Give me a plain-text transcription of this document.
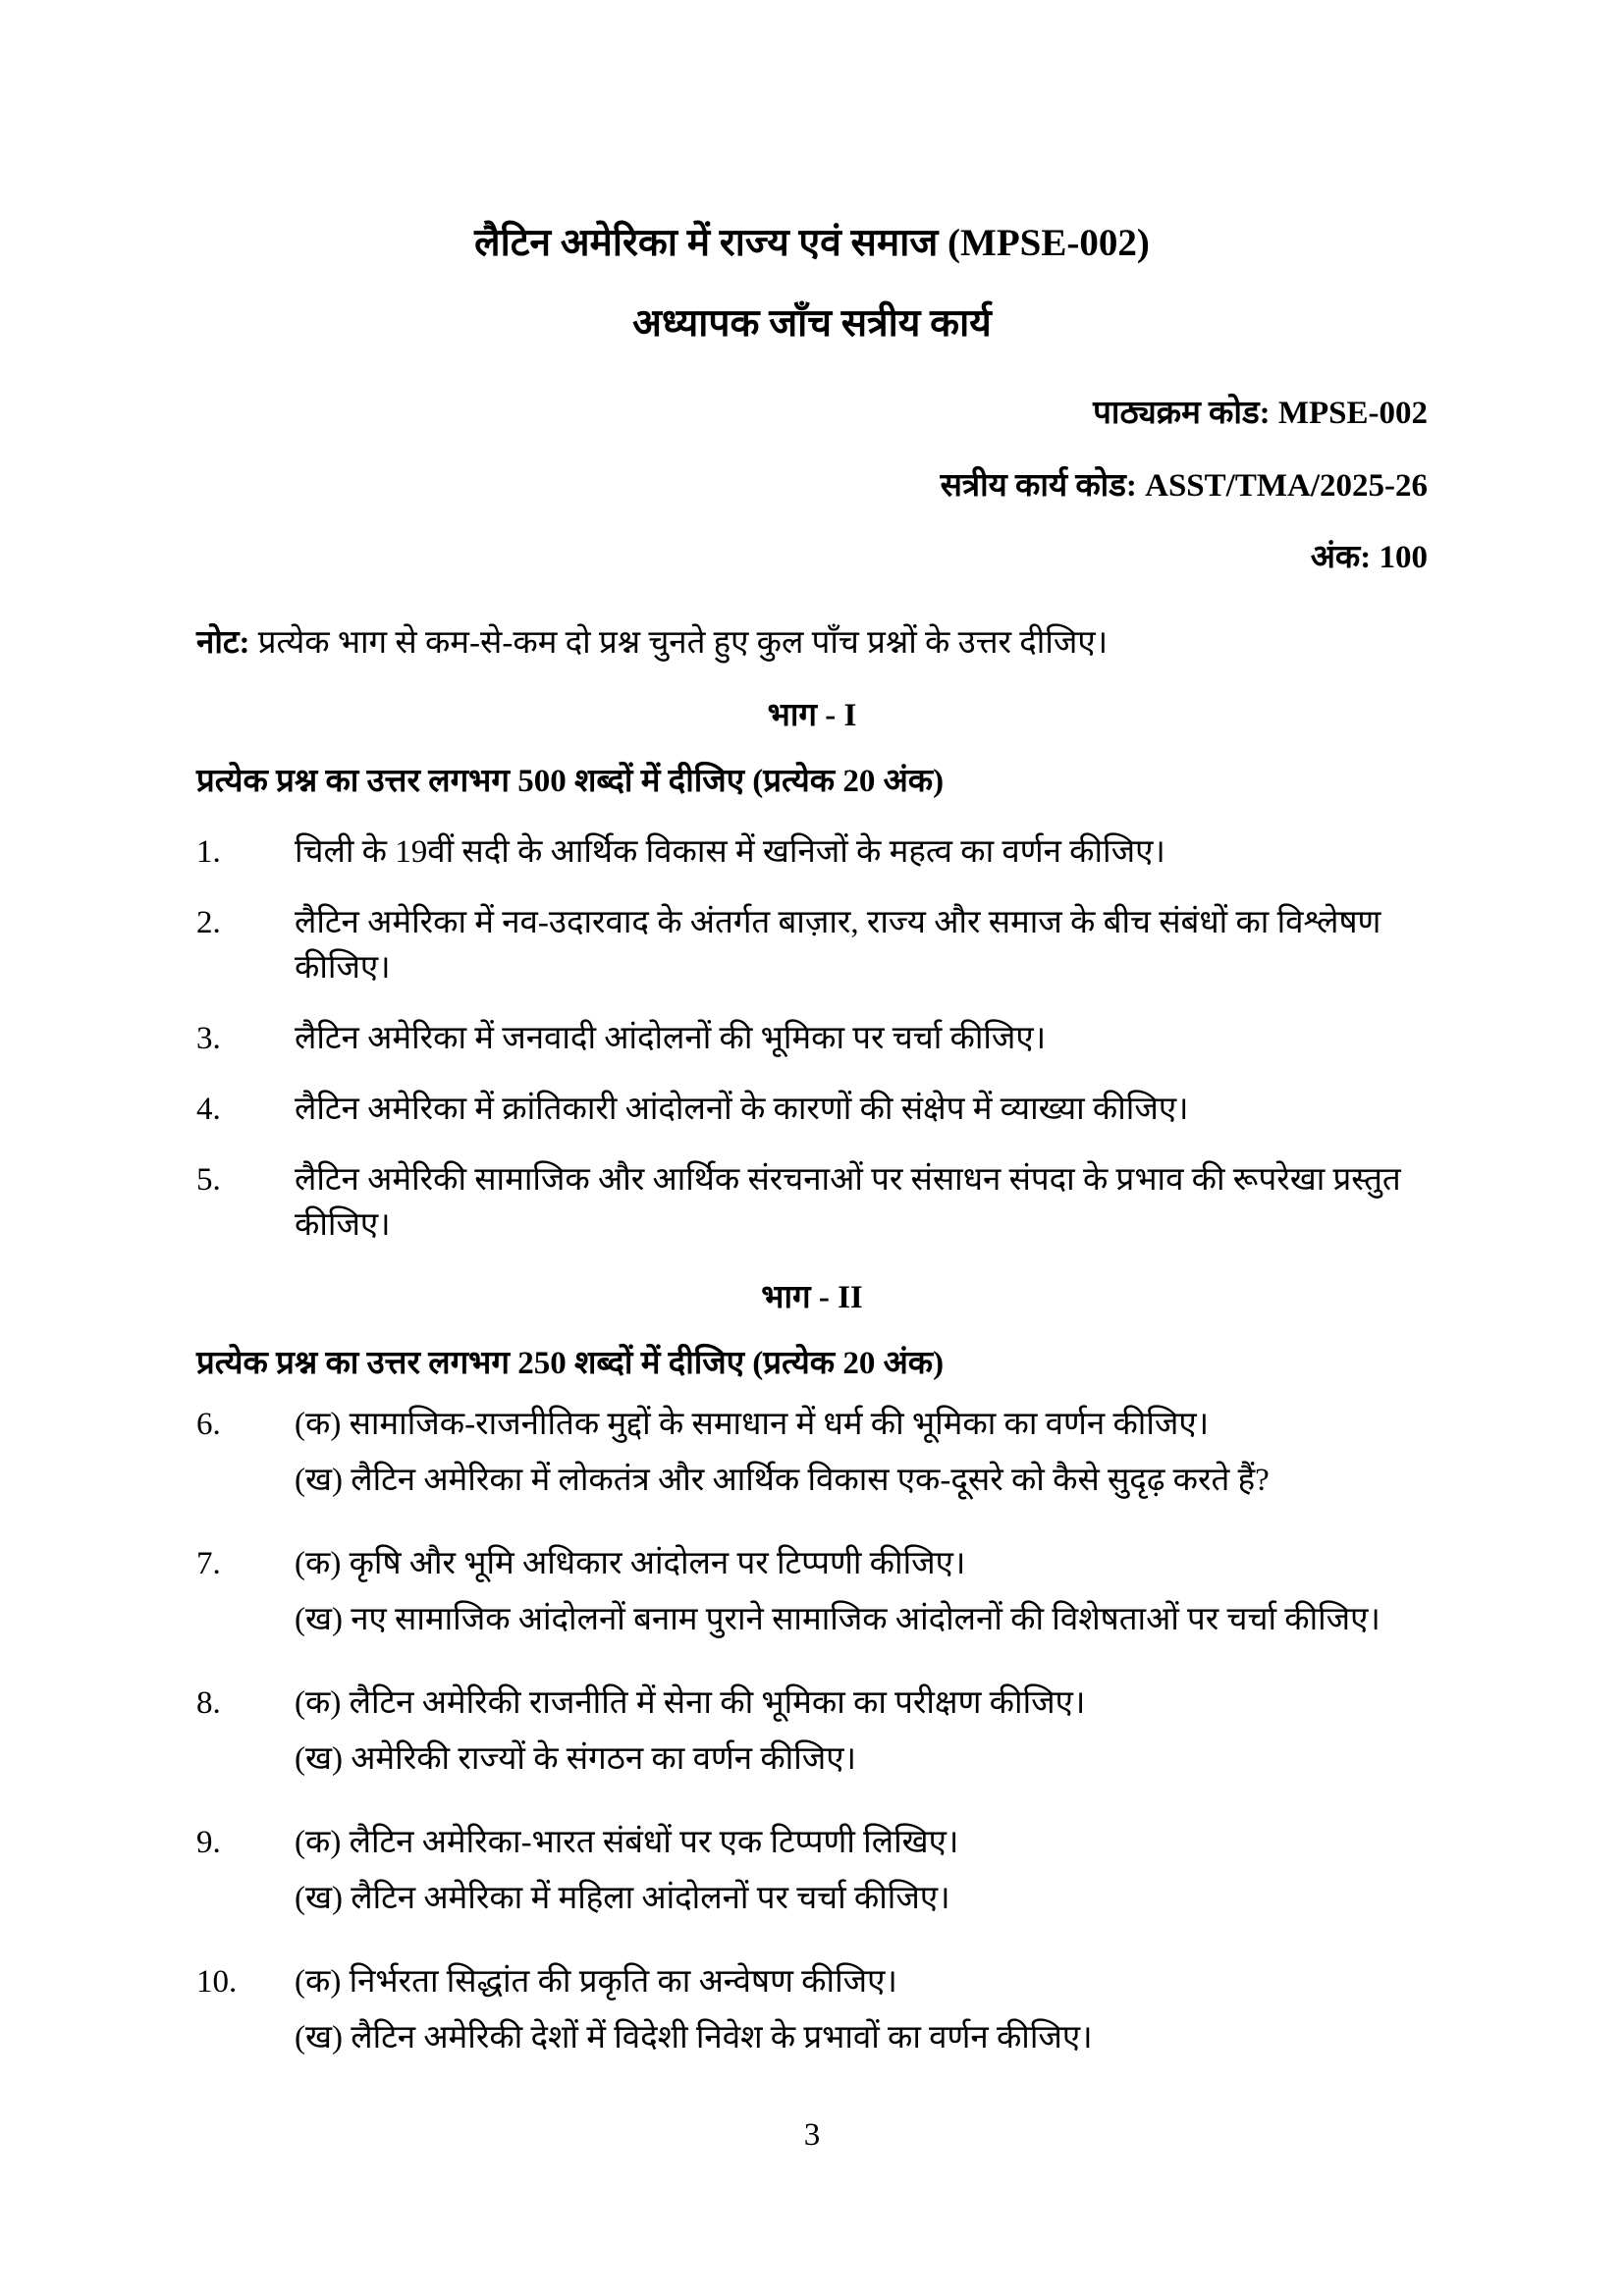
लैटिन अमेरिका में राज्य एवं समाज (MPSE-002)
अध्यापक जाँच सत्रीय कार्य
पाठ्यक्रम कोड: MPSE-002
सत्रीय कार्य कोड: ASST/TMA/2025-26
अंक: 100
नोट: प्रत्येक भाग से कम-से-कम दो प्रश्न चुनते हुए कुल पाँच प्रश्नों के उत्तर दीजिए।
भाग - I
प्रत्येक प्रश्न का उत्तर लगभग 500 शब्दों में दीजिए (प्रत्येक 20 अंक)
1.	चिली के 19वीं सदी के आर्थिक विकास में खनिजों के महत्व का वर्णन कीजिए।
2.	लैटिन अमेरिका में नव-उदारवाद के अंतर्गत बाज़ार, राज्य और समाज के बीच संबंधों का विश्लेषण कीजिए।
3.	लैटिन अमेरिका में जनवादी आंदोलनों की भूमिका पर चर्चा कीजिए।
4.	लैटिन अमेरिका में क्रांतिकारी आंदोलनों के कारणों की संक्षेप में व्याख्या कीजिए।
5.	लैटिन अमेरिकी सामाजिक और आर्थिक संरचनाओं पर संसाधन संपदा के प्रभाव की रूपरेखा प्रस्तुत कीजिए।
भाग - II
प्रत्येक प्रश्न का उत्तर लगभग 250 शब्दों में दीजिए (प्रत्येक 20 अंक)
6.	(क) सामाजिक-राजनीतिक मुद्दों के समाधान में धर्म की भूमिका का वर्णन कीजिए।
(ख) लैटिन अमेरिका में लोकतंत्र और आर्थिक विकास एक-दूसरे को कैसे सुदृढ़ करते हैं?
7.	(क) कृषि और भूमि अधिकार आंदोलन पर टिप्पणी कीजिए।
(ख) नए सामाजिक आंदोलनों बनाम पुराने सामाजिक आंदोलनों की विशेषताओं पर चर्चा कीजिए।
8.	(क) लैटिन अमेरिकी राजनीति में सेना की भूमिका का परीक्षण कीजिए।
(ख) अमेरिकी राज्यों के संगठन का वर्णन कीजिए।
9.	(क) लैटिन अमेरिका-भारत संबंधों पर एक टिप्पणी लिखिए।
(ख) लैटिन अमेरिका में महिला आंदोलनों पर चर्चा कीजिए।
10.	(क) निर्भरता सिद्धांत की प्रकृति का अन्वेषण कीजिए।
(ख) लैटिन अमेरिकी देशों में विदेशी निवेश के प्रभावों का वर्णन कीजिए।
3
